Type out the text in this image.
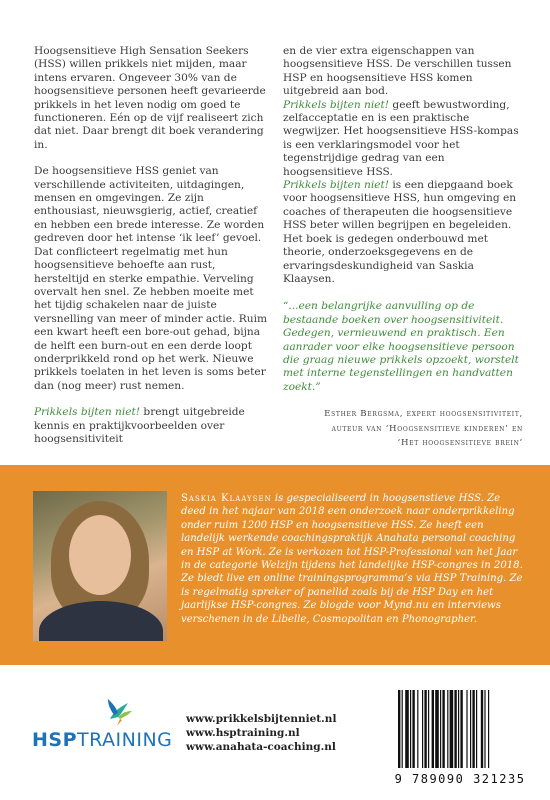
Hoogsensitieve High Sensation Seekers (HSS) willen prikkels niet mijden, maar intens ervaren. Ongeveer 30% van de hoogsensitieve personen heeft gevarieerde prikkels in het leven nodig om goed te functioneren. Eén op de vijf realiseert zich dat niet. Daar brengt dit boek verandering in.

De hoogsensitieve HSS geniet van verschillende activiteiten, uitdagingen, mensen en omgevingen. Ze zijn enthousiast, nieuwsgierig, actief, creatief en hebben een brede interesse. Ze worden gedreven door het intense ‘ik leef’ gevoel.

Dat conflicteert regelmatig met hun hoogsensitieve behoefte aan rust, hersteltijd en sterke empathie. Verveling overvalt hen snel. Ze hebben moeite met het tijdig schakelen naar de juiste versnelling van meer of minder actie. Ruim een kwart heeft een bore-out gehad, bijna de helft een burn-out en een derde loopt onderprikkeld rond op het werk. Nieuwe prikkels toelaten in het leven is soms beter dan (nog meer) rust nemen.

Prikkels bijten niet! brengt uitgebreide kennis en praktijkvoorbeelden over hoogsensitiviteit

en de vier extra eigenschappen van hoogsensitieve HSS. De verschillen tussen HSP en hoogsensitieve HSS komen uitgebreid aan bod.

Prikkels bijten niet! geeft bewustwording, zelfacceptatie en is een praktische wegwijzer. Het hoogsensitieve HSS-kompas is een verklaringsmodel voor het tegenstrijdige gedrag van een hoogsensitieve HSS.

Prikkels bijten niet! is een diepgaand boek voor hoogsensitieve HSS, hun omgeving en coaches of therapeuten die hoogsensitieve HSS beter willen begrijpen en begeleiden. Het boek is gedegen onderbouwd met theorie, onderzoeksgegevens en de ervaringsdeskundigheid van Saskia Klaaysen.

“...een belangrijke aanvulling op de bestaande boeken over hoogsensitiviteit. Gedegen, vernieuwend en praktisch. Een aanrader voor elke hoogsensitieve persoon die graag nieuwe prikkels opzoekt, worstelt met interne tegenstellingen en handvatten zoekt.”

Esther Bergsma, expert hoogsensitiviteit,
auteur van ‘Hoogsensitieve kinderen’ en
‘Het hoogsensitieve brein’
Saskia Klaaysen is gespecialiseerd in hoogsenstieve HSS. Ze deed in het najaar van 2018 een onderzoek naar onderprikkeling onder ruim 1200 HSP en hoogsensitieve HSS. Ze heeft een landelijk werkende coachingspraktijk Anahata personal coaching en HSP at Work. Ze is verkozen tot HSP-Professional van het Jaar in de categorie Welzijn tijdens het landelijke HSP-congres in 2018. Ze biedt live en online trainingsprogramma’s via HSP Training. Ze is regelmatig spreker of panellid zoals bij de HSP Day en het jaarlijkse HSP-congres. Ze blogde voor Mynd.nu en interviews verschenen in de Libelle, Cosmopolitan en Phonographer.
HSPTRAINING
www.prikkelsbijtenniet.nl
www.hsptraining.nl
www.anahata-coaching.nl
9 789090 321235
